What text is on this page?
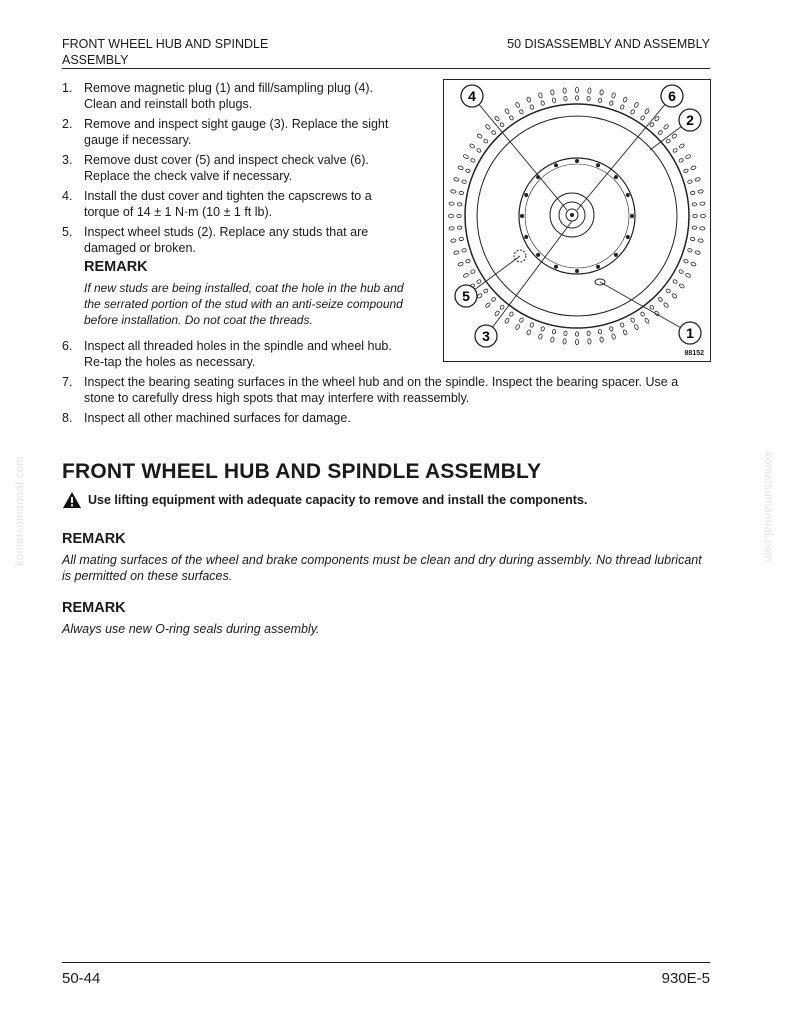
FRONT WHEEL HUB AND SPINDLE ASSEMBLY
50 DISASSEMBLY AND ASSEMBLY
1. Remove magnetic plug (1) and fill/sampling plug (4). Clean and reinstall both plugs.
2. Remove and inspect sight gauge (3). Replace the sight gauge if necessary.
3. Remove dust cover (5) and inspect check valve (6). Replace the check valve if necessary.
4. Install the dust cover and tighten the capscrews to a torque of 14 ± 1 N·m (10 ± 1 ft lb).
5. Inspect wheel studs (2). Replace any studs that are damaged or broken.
REMARK
If new studs are being installed, coat the hole in the hub and the serrated portion of the stud with an anti-seize compound before installation. Do not coat the threads.
1
2
3
4
5
6
88152
6. Inspect all threaded holes in the spindle and wheel hub. Re-tap the holes as necessary.
7. Inspect the bearing seating surfaces in the wheel hub and on the spindle. Inspect the bearing spacer. Use a stone to carefully dress high spots that may interfere with reassembly.
8. Inspect all other machined surfaces for damage.
FRONT WHEEL HUB AND SPINDLE ASSEMBLY
Use lifting equipment with adequate capacity to remove and install the components.
REMARK
All mating surfaces of the wheel and brake components must be clean and dry during assembly. No thread lubricant is permitted on these surfaces.
REMARK
Always use new O-ring seals during assembly.
komatsumanual.com	komatsumanual.com
50-44	930E-5
